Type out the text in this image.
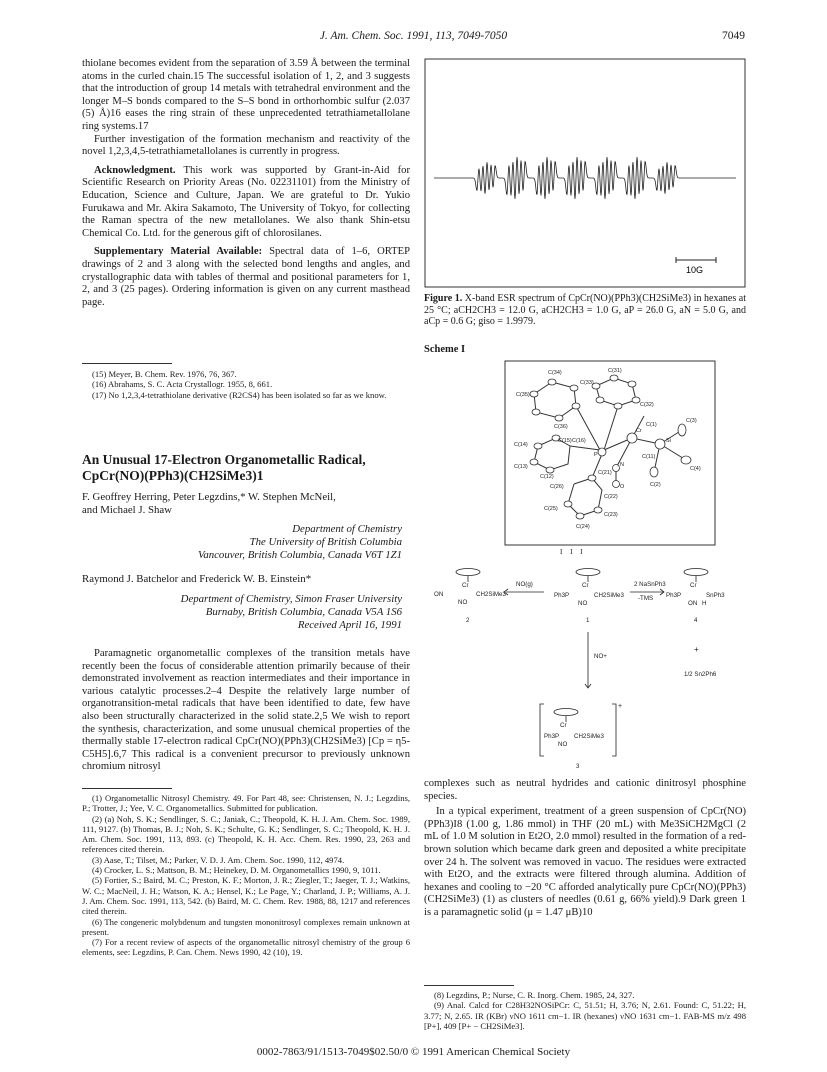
J. Am. Chem. Soc. 1991, 113, 7049-7050	7049

thiolane becomes evident from the separation of 3.59 Å between the terminal atoms in the curled chain.15 The successful isolation of 1, 2, and 3 suggests that the introduction of group 14 metals with tetrahedral environment and the longer M–S bonds compared to the S–S bond in orthorhombic sulfur (2.037 (5) Å)16 eases the ring strain of these unprecedented tetrathiametallolane ring systems.17

Further investigation of the formation mechanism and reactivity of the novel 1,2,3,4,5-tetrathiametallolanes is currently in progress.

Acknowledgment. This work was supported by Grant-in-Aid for Scientific Research on Priority Areas (No. 02231101) from the Ministry of Education, Science and Culture, Japan. We are grateful to Dr. Yukio Furukawa and Mr. Akira Sakamoto, The University of Tokyo, for collecting the Raman spectra of the new metallolanes. We also thank Shin-etsu Chemical Co. Ltd. for the generous gift of chlorosilanes.

Supplementary Material Available: Spectral data of 1–6, ORTEP drawings of 2 and 3 along with the selected bond lengths and angles, and crystallographic data with tables of thermal and positional parameters for 1, 2, and 3 (25 pages). Ordering information is given on any current masthead page.

(15) Meyer, B. Chem. Rev. 1976, 76, 367.

(16) Abrahams, S. C. Acta Crystallogr. 1955, 8, 661.

(17) No 1,2,3,4-tetrathiolane derivative (R2CS4) has been isolated so far as we know.

An Unusual 17-Electron Organometallic Radical,
CpCr(NO)(PPh3)(CH2SiMe3)1
F. Geoffrey Herring, Peter Legzdins,* W. Stephen McNeil,
and Michael J. Shaw
Department of Chemistry
The University of British Columbia
Vancouver, British Columbia, Canada V6T 1Z1
Raymond J. Batchelor and Frederick W. B. Einstein*
Department of Chemistry, Simon Fraser University
Burnaby, British Columbia, Canada V5A 1S6
Received April 16, 1991

Paramagnetic organometallic complexes of the transition metals have recently been the focus of considerable attention primarily because of their demonstrated involvement as reaction intermediates and their importance in various catalytic processes.2–4 Despite the relatively large number of organotransition-metal radicals that have been identified to date, few have also been structurally characterized in the solid state.2,5 We wish to report the synthesis, characterization, and some unusual chemical properties of the thermally stable 17-electron radical CpCr(NO)(PPh3)(CH2SiMe3) [Cp = η5-C5H5].6,7 This radical is a convenient precursor to previously unknown chromium nitrosyl

(1) Organometallic Nitrosyl Chemistry. 49. For Part 48, see: Christensen, N. J.; Legzdins, P.; Trotter, J.; Yee, V. C. Organometallics. Submitted for publication.

(2) (a) Noh, S. K.; Sendlinger, S. C.; Janiak, C.; Theopold, K. H. J. Am. Chem. Soc. 1989, 111, 9127. (b) Thomas, B. J.; Noh, S. K.; Schulte, G. K.; Sendlinger, S. C.; Theopold, K. H. J. Am. Chem. Soc. 1991, 113, 893. (c) Theopold, K. H. Acc. Chem. Res. 1990, 23, 263 and references cited therein.

(3) Aase, T.; Tilset, M.; Parker, V. D. J. Am. Chem. Soc. 1990, 112, 4974.

(4) Crocker, L. S.; Mattson, B. M.; Heinekey, D. M. Organometallics 1990, 9, 1011.

(5) Fortier, S.; Baird, M. C.; Preston, K. F.; Morton, J. R.; Ziegler, T.; Jaeger, T. J.; Watkins, W. C.; MacNeil, J. H.; Watson, K. A.; Hensel, K.; Le Page, Y.; Charland, J. P.; Williams, A. J. J. Am. Chem. Soc. 1991, 113, 542. (b) Baird, M. C. Chem. Rev. 1988, 88, 1217 and references cited therein.

(6) The congeneric molybdenum and tungsten mononitrosyl complexes remain unknown at present.

(7) For a recent review of aspects of the organometallic nitrosyl chemistry of the group 6 elements, see: Legzdins, P. Can. Chem. News 1990, 42 (10), 19.

10G
Figure 1. X-band ESR spectrum of CpCr(NO)(PPh3)(CH2SiMe3) in hexanes at 25 °C; aCH2CH3 = 12.0 G, aCH2CH3 = 1.0 G, aP = 26.0 G, aN = 5.0 G, and aCp = 0.6 G; giso = 1.9979.
Scheme I
C(34)
C(33)
C(35)
C(31)
C(36)
C(32)
C(15) C(16)
C(14)
C(13)
C(12)
C(11)
C(26)
C(21)
C(22)
C(25)
C(24)
C(23)
P
Cr
N
O
Si
C(1)
C(2)
C(3)
C(4)
I I I
Cr
ON
NO
CH2SiMe3
2
NO(g)	Cr
Ph3P
NO
CH2SiMe3
1
2 NaSnPh3
-TMS
Cr
Ph3P
ON H
SnPh3
4
+
1/2 Sn2Ph6
NO+
Cr
Ph3P
NO
CH2SiMe3
+
3

complexes such as neutral hydrides and cationic dinitrosyl phosphine species.

In a typical experiment, treatment of a green suspension of CpCr(NO)(PPh3)I8 (1.00 g, 1.86 mmol) in THF (20 mL) with Me3SiCH2MgCl (2 mL of 1.0 M solution in Et2O, 2.0 mmol) resulted in the formation of a red-brown solution which became dark green and deposited a white precipitate over 24 h. The solvent was removed in vacuo. The residues were extracted with Et2O, and the extracts were filtered through alumina. Addition of hexanes and cooling to −20 °C afforded analytically pure CpCr(NO)(PPh3)(CH2SiMe3) (1) as clusters of needles (0.61 g, 66% yield).9 Dark green 1 is a paramagnetic solid (μ = 1.47 μB)10

(8) Legzdins, P.; Nurse, C. R. Inorg. Chem. 1985, 24, 327.

(9) Anal. Calcd for C28H32NOSiPCr: C, 51.51; H, 3.76; N, 2.61. Found: C, 51.22; H, 3.77; N, 2.65. IR (KBr) νNO 1611 cm−1. IR (hexanes) νNO 1631 cm−1. FAB-MS m/z 498 [P+], 409 [P+ − CH2SiMe3].

0002-7863/91/1513-7049$02.50/0 © 1991 American Chemical Society
